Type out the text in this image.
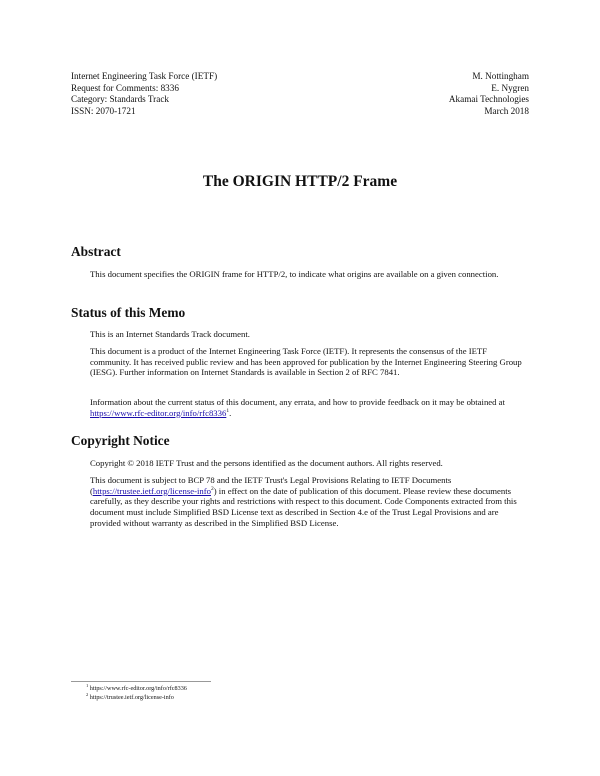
Internet Engineering Task Force (IETF)
Request for Comments: 8336
Category: Standards Track
ISSN: 2070-1721
M. Nottingham
E. Nygren
Akamai Technologies
March 2018
The ORIGIN HTTP/2 Frame
Abstract

This document specifies the ORIGIN frame for HTTP/2, to indicate what origins are available on a given connection.

Status of this Memo

This is an Internet Standards Track document.

This document is a product of the Internet Engineering Task Force (IETF). It represents the consensus of the IETF community. It has received public review and has been approved for publication by the Internet Engineering Steering Group (IESG). Further information on Internet Standards is available in Section 2 of RFC 7841.

Information about the current status of this document, any errata, and how to provide feedback on it may be obtained at https://www.rfc-editor.org/info/rfc8336$^1$.

Copyright Notice

Copyright © 2018 IETF Trust and the persons identified as the document authors. All rights reserved.

This document is subject to BCP 78 and the IETF Trust's Legal Provisions Relating to IETF Documents (https://trustee.ietf.org/license-info$^2$) in effect on the date of publication of this document. Please review these documents carefully, as they describe your rights and restrictions with respect to this document. Code Components extracted from this document must include Simplified BSD License text as described in Section 4.e of the Trust Legal Provisions and are provided without warranty as described in the Simplified BSD License.

$^1$ https://www.rfc-editor.org/info/rfc8336
$^2$ https://trustee.ietf.org/license-info
